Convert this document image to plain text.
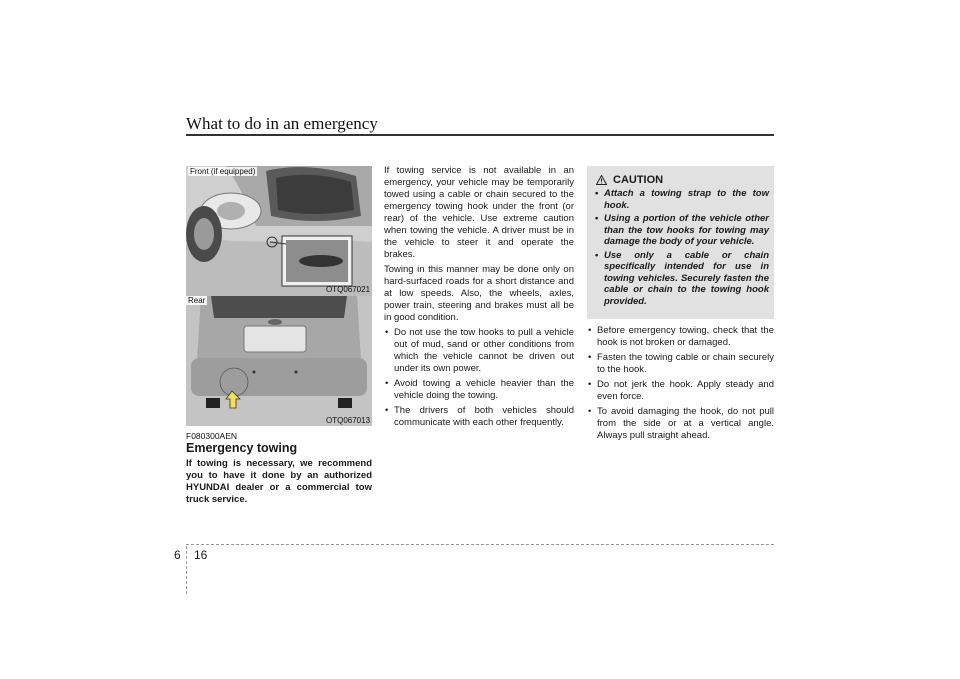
What to do in an emergency
Front (if equipped)
OTQ067021
Rear
OTQ067013
F080300AEN
Emergency towing
If towing is necessary, we recommend you to have it done by an authorized HYUNDAI dealer or a commercial tow truck service.

If towing service is not available in an emergency, your vehicle may be temporarily towed using a cable or chain secured to the emergency towing hook under the front (or rear) of the vehicle. Use extreme caution when towing the vehicle. A driver must be in the vehicle to steer it and operate the brakes.

Towing in this manner may be done only on hard-surfaced roads for a short distance and at low speeds. Also, the wheels, axles, power train, steering and brakes must all be in good condition.

• Do not use the tow hooks to pull a vehicle out of mud, sand or other conditions from which the vehicle cannot be driven out under its own power.
• Avoid towing a vehicle heavier than the vehicle doing the towing.
• The drivers of both vehicles should communicate with each other frequently.
CAUTION
• Attach a towing strap to the tow hook.
• Using a portion of the vehicle other than the tow hooks for towing may damage the body of your vehicle.
• Use only a cable or chain specifically intended for use in towing vehicles. Securely fasten the cable or chain to the towing hook provided.
• Before emergency towing, check that the hook is not broken or damaged.
• Fasten the towing cable or chain securely to the hook.
• Do not jerk the hook. Apply steady and even force.
• To avoid damaging the hook, do not pull from the side or at a vertical angle. Always pull straight ahead.
6 16
